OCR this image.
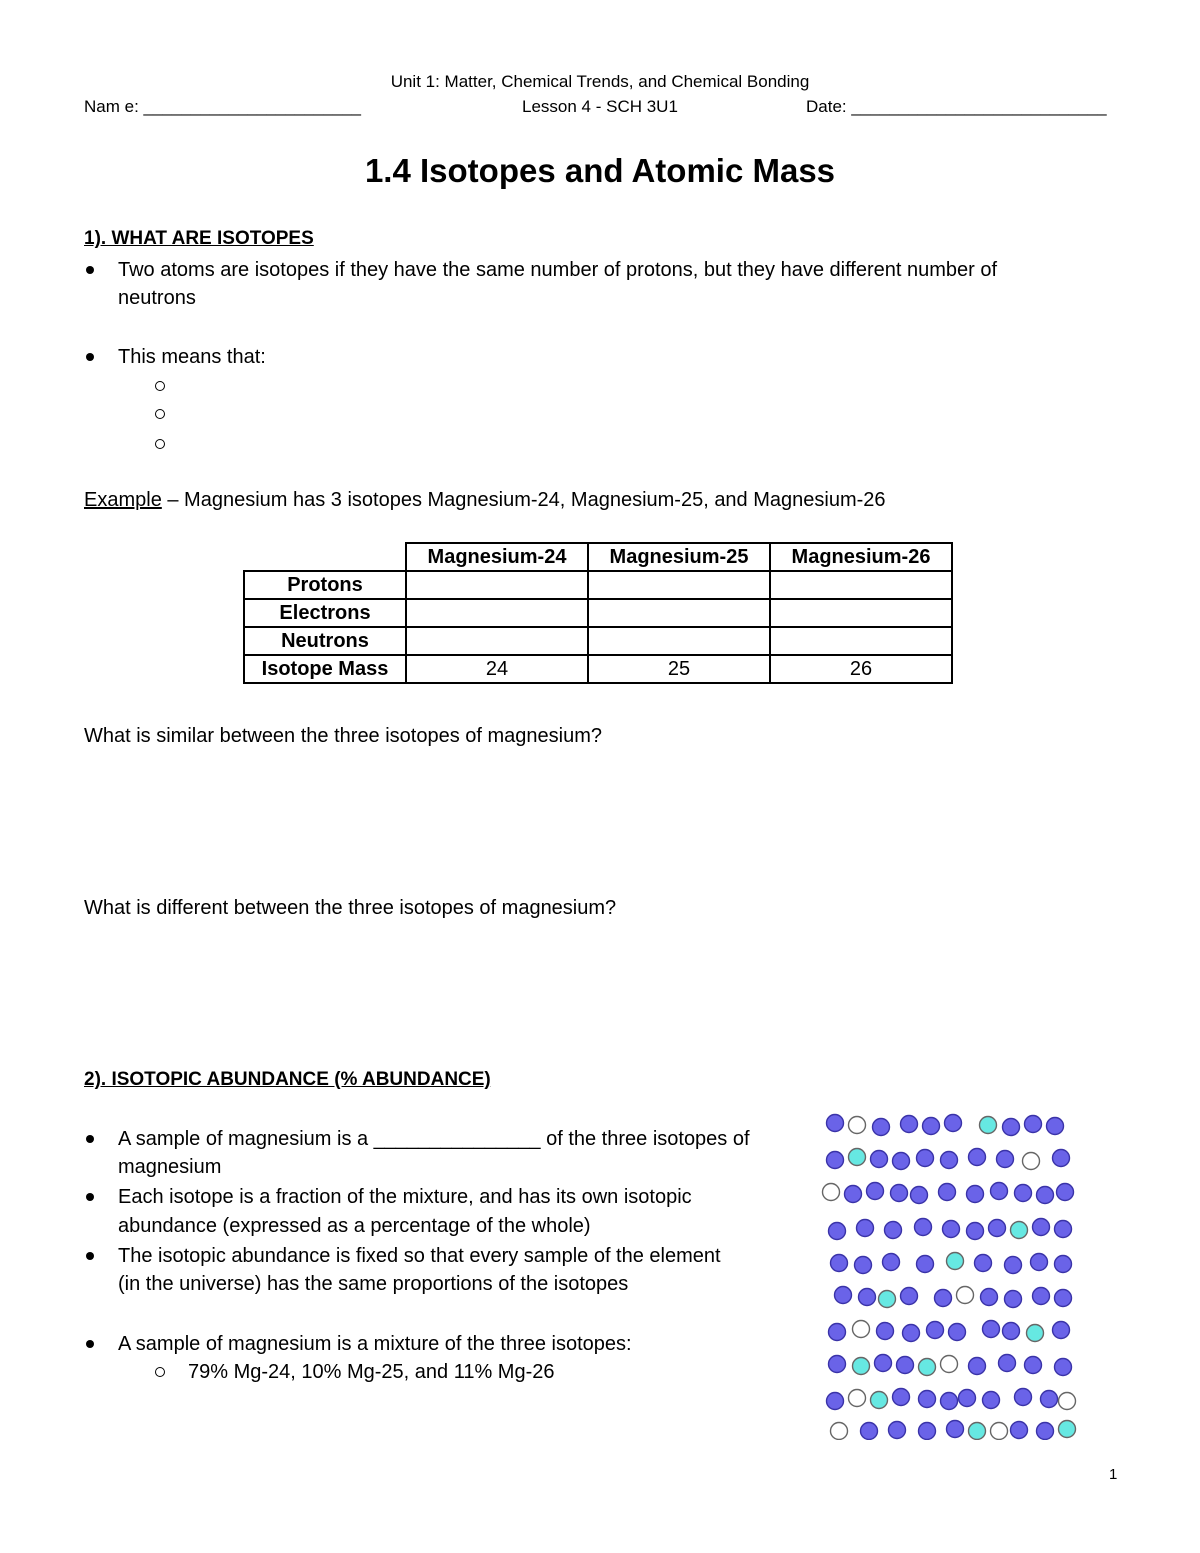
Unit 1: Matter, Chemical Trends, and Chemical Bonding
Nam e: _______________________	Lesson 4 - SCH 3U1	Date: ___________________________
1.4 Isotopes and Atomic Mass
1). WHAT ARE ISOTOPES
Two atoms are isotopes if they have the same number of protons, but they have different number of
neutrons
This means that:
Example – Magnesium has 3 isotopes Magnesium-24, Magnesium-25, and Magnesium-26
	Magnesium-24	Magnesium-25	Magnesium-26
Protons			
Electrons			
Neutrons			
Isotope Mass	24	25	26
What is similar between the three isotopes of magnesium?
What is different between the three isotopes of magnesium?
2). ISOTOPIC ABUNDANCE (% ABUNDANCE)
A sample of magnesium is a _______________ of the three isotopes of
magnesium
Each isotope is a fraction of the mixture, and has its own isotopic
abundance (expressed as a percentage of the whole)
The isotopic abundance is fixed so that every sample of the element
(in the universe) has the same proportions of the isotopes
A sample of magnesium is a mixture of the three isotopes:
79% Mg-24, 10% Mg-25, and 11% Mg-26
1
